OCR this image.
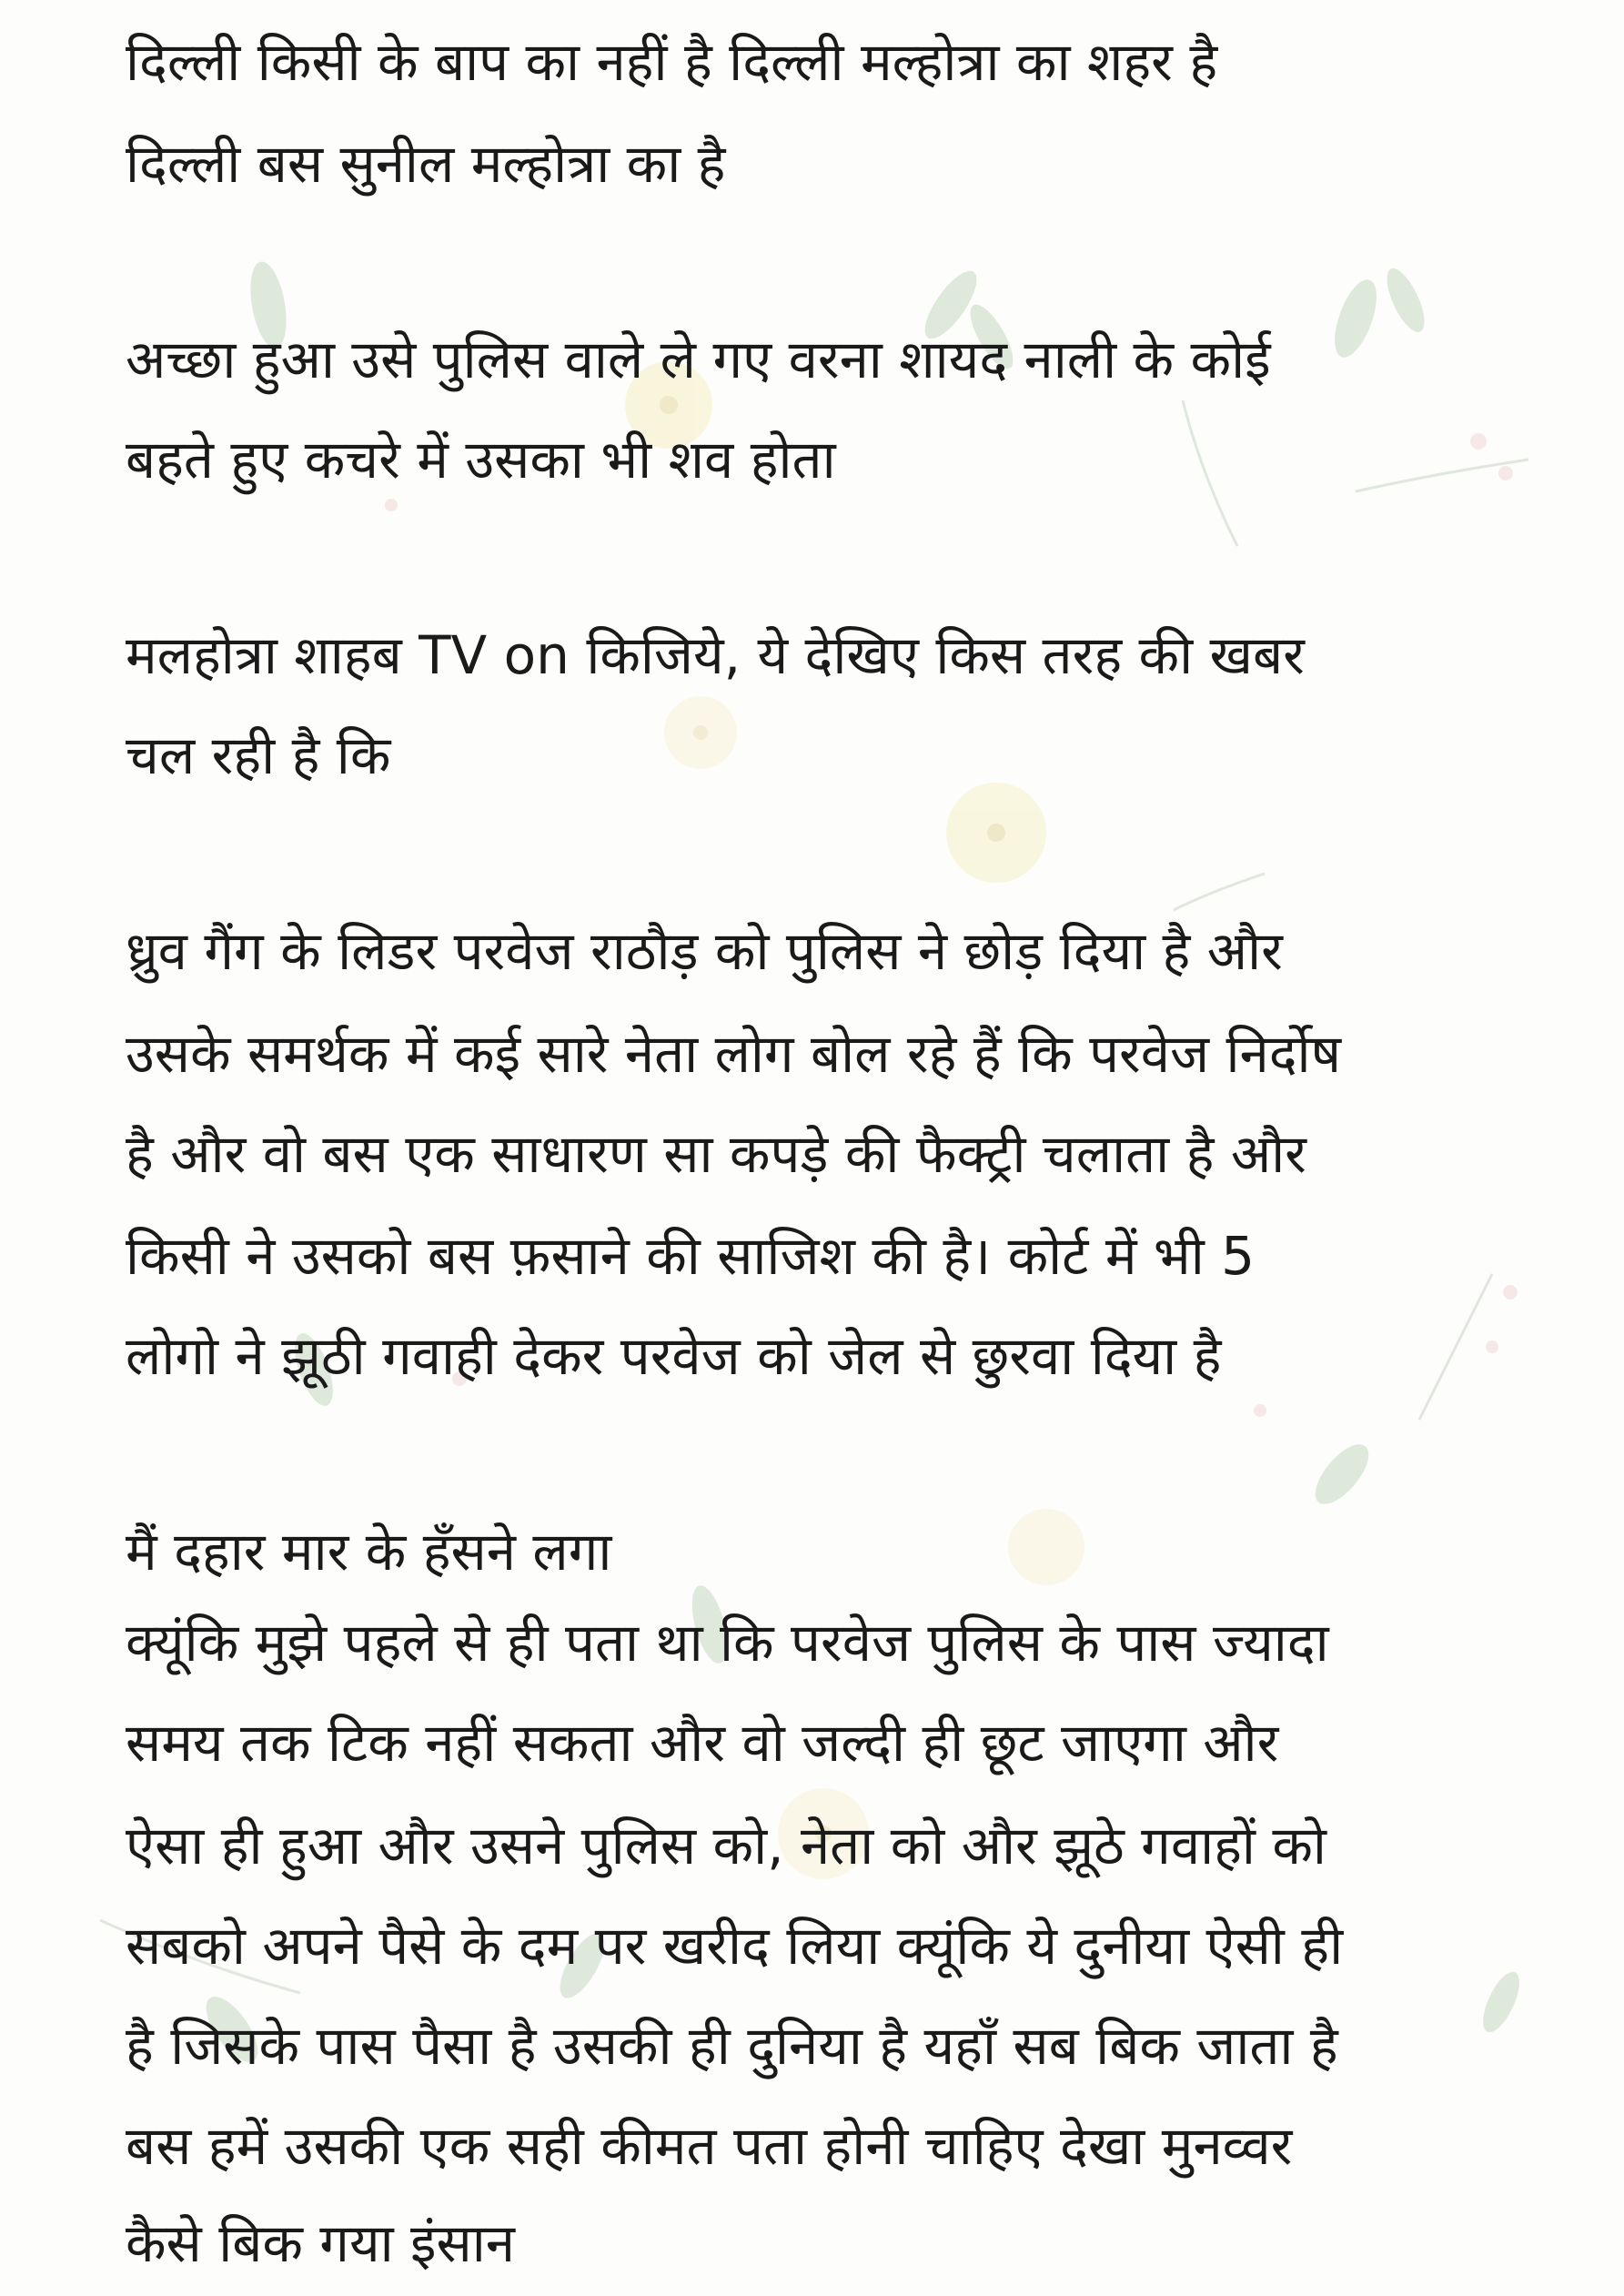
दिल्ली किसी के बाप का नहीं है दिल्ली मल्होत्रा का शहर है
दिल्ली बस सुनील मल्होत्रा का है
अच्छा हुआ उसे पुलिस वाले ले गए वरना शायद नाली के कोई
बहते हुए कचरे में उसका भी शव होता
मलहोत्रा शाहब TV on किजिये, ये देखिए किस तरह की खबर
चल रही है कि
ध्रुव गैंग के लिडर परवेज राठौड़ को पुलिस ने छोड़ दिया है और
उसके समर्थक में कई सारे नेता लोग बोल रहे हैं कि परवेज निर्दोष
है और वो बस एक साधारण सा कपड़े की फैक्ट्री चलाता है और
किसी ने उसको बस फ़साने की साजिश की है। कोर्ट में भी 5
लोगो ने झूठी गवाही देकर परवेज को जेल से छुरवा दिया है
मैं दहार मार के हँसने लगा
क्यूंकि मुझे पहले से ही पता था कि परवेज पुलिस के पास ज्यादा
समय तक टिक नहीं सकता और वो जल्दी ही छूट जाएगा और
ऐसा ही हुआ और उसने पुलिस को, नेता को और झूठे गवाहों को
सबको अपने पैसे के दम पर खरीद लिया क्यूंकि ये दुनीया ऐसी ही
है जिसके पास पैसा है उसकी ही दुनिया है यहाँ सब बिक जाता है
बस हमें उसकी एक सही कीमत पता होनी चाहिए देखा मुनव्वर
कैसे बिक गया इंसान
